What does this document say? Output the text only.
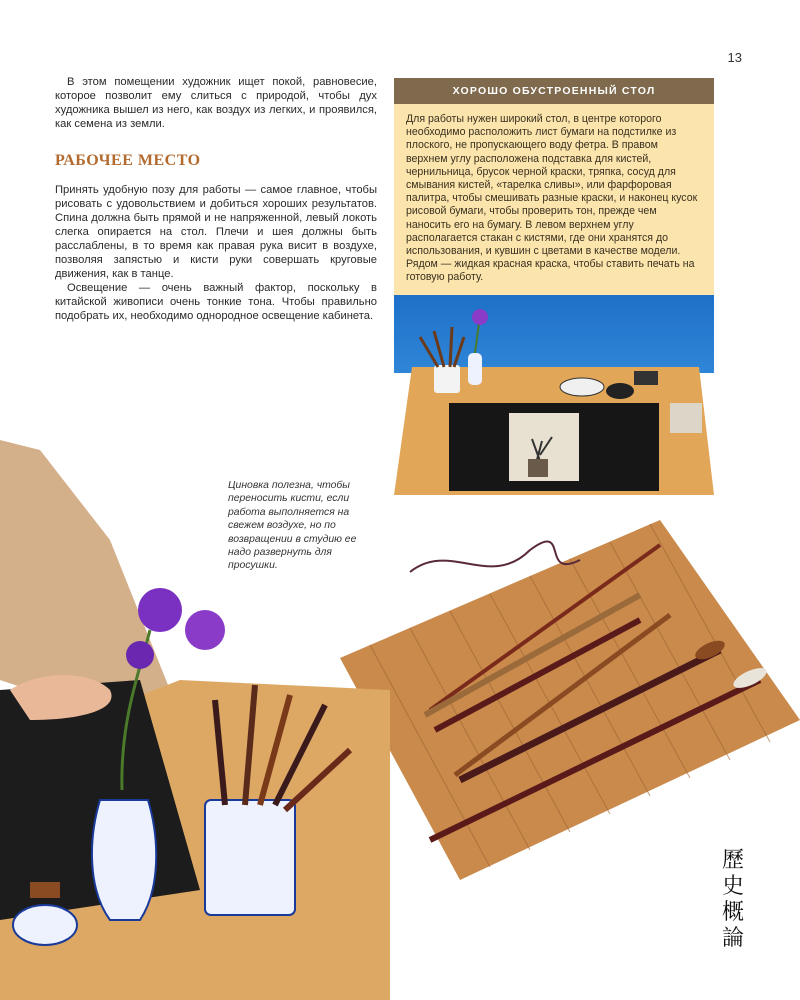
13

В этом помещении художник ищет покой, равновесие, которое позволит ему слиться с природой, чтобы дух художника вышел из него, как воздух из легких, и проявился, как семена из земли.

РАБОЧЕЕ МЕСТО

Принять удобную позу для работы — самое главное, чтобы рисовать с удовольствием и добиться хороших результатов. Спина должна быть прямой и не напряженной, левый локоть слегка опирается на стол. Плечи и шея должны быть расслаблены, в то время как правая рука висит в воздухе, позволяя запястью и кисти руки совершать круговые движения, как в танце.

Освещение — очень важный фактор, поскольку в китайской живописи очень тонкие тона. Чтобы правильно подобрать их, необходимо однородное освещение кабинета.

ХОРОШО ОБУСТРОЕННЫЙ СТОЛ
Для работы нужен широкий стол, в центре которого необходимо расположить лист бумаги на подстилке из плоского, не пропускающего воду фетра. В правом верхнем углу расположена подставка для кистей, чернильница, брусок черной краски, тряпка, сосуд для смывания кистей, «тарелка сливы», или фарфоровая палитра, чтобы смешивать разные краски, и наконец кусок рисовой бумаги, чтобы проверить тон, прежде чем наносить его на бумагу. В левом верхнем углу располагается стакан с кистями, где они хранятся до использования, и кувшин с цветами в качестве модели. Рядом — жидкая красная краска, чтобы ставить печать на готовую работу.
Циновка полезна, чтобы переносить кисти, если работа выполняется на свежем воздухе, но по возвращении в студию ее надо развернуть для просушки.
歷
史
概
論
